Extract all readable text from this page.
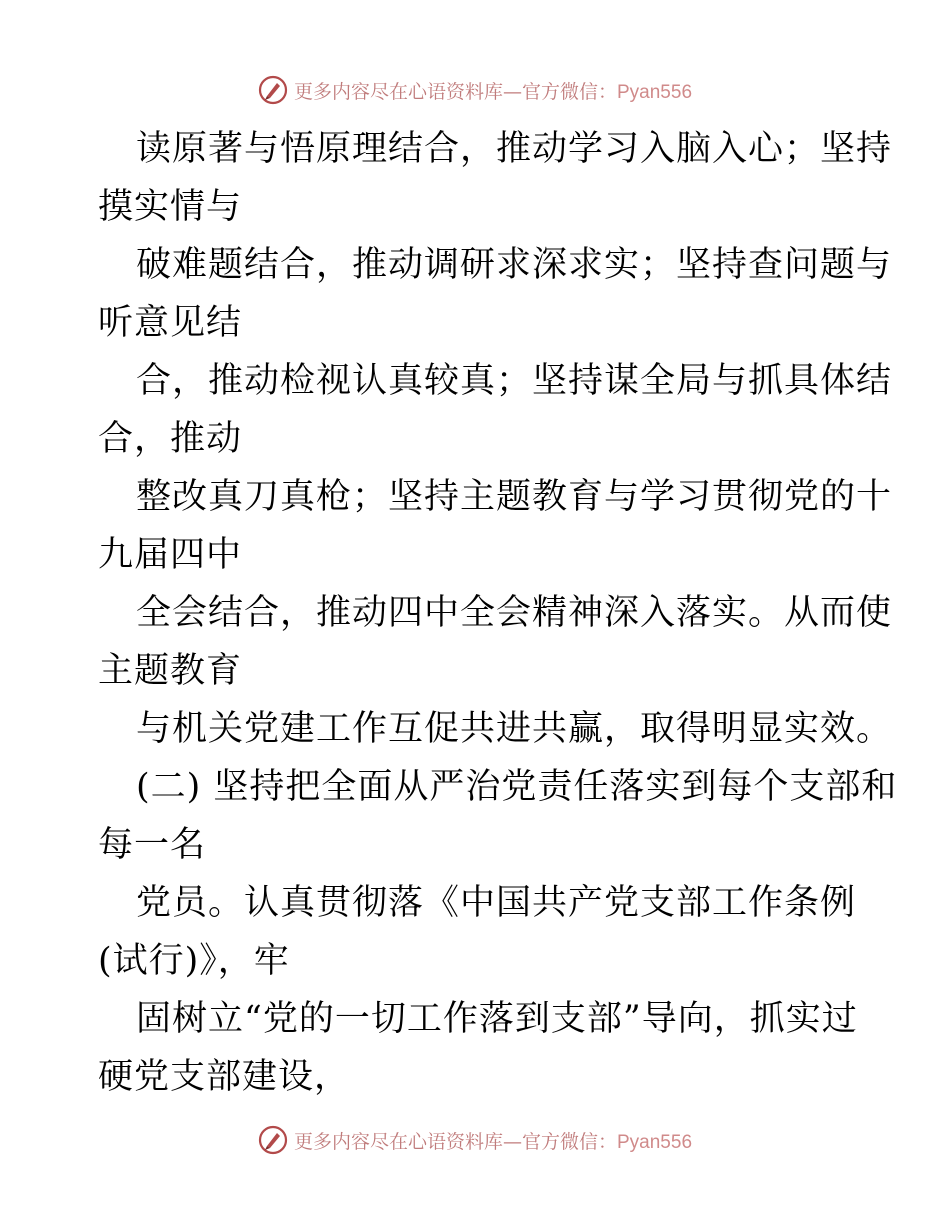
更多内容尽在心语资料库—官方微信：Pyan556
读原著与悟原理结合，推动学习入脑入心；坚持
摸实情与
破难题结合，推动调研求深求实；坚持查问题与
听意见结
合，推动检视认真较真；坚持谋全局与抓具体结
合，推动
整改真刀真枪；坚持主题教育与学习贯彻党的十
九届四中
全会结合，推动四中全会精神深入落实。从而使
主题教育
与机关党建工作互促共进共赢，取得明显实效。
(二) 坚持把全面从严治党责任落实到每个支部和
每一名
党员。认真贯彻落《中国共产党支部工作条例
(试行)》，牢
固树立“党的一切工作落到支部”导向，抓实过
硬党支部建设，
更多内容尽在心语资料库—官方微信：Pyan556
